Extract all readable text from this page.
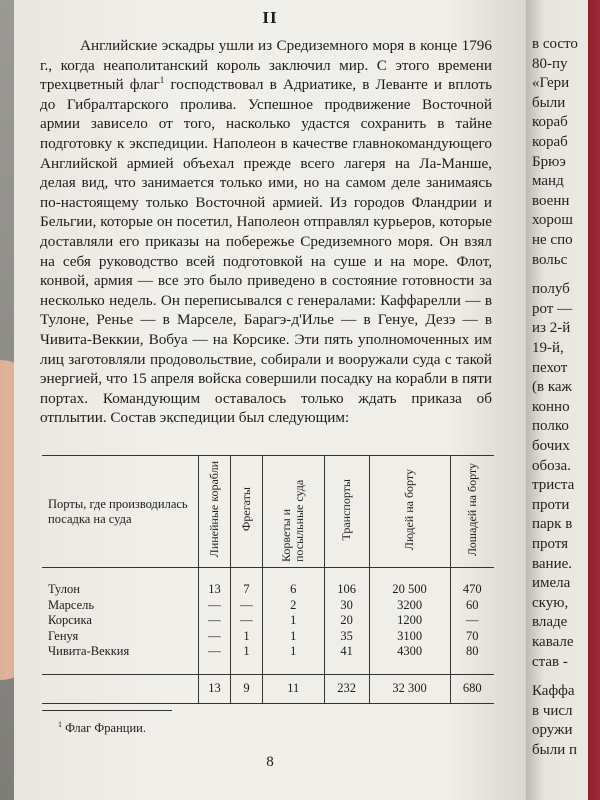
II

Английские эскадры ушли из Средиземного моря в конце 1796 г., когда неаполитанский король заключил мир. С этого времени трехцветный флаг$^1$ господствовал в Адриатике, в Леванте и вплоть до Гибралтарского пролива. Успешное продвижение Восточной армии зависело от того, насколько удастся сохранить в тайне подготовку к экспедиции. Наполеон в качестве главнокомандующего Английской армией объехал прежде всего лагеря на Ла-Манше, делая вид, что занимается только ими, но на самом деле занимаясь по-настоящему только Восточной армией. Из городов Фландрии и Бельгии, которые он посетил, Наполеон отправлял курьеров, которые доставляли его приказы на побережье Средиземного моря. Он взял на себя руководство всей подготовкой на суше и на море. Флот, конвой, армия — все это было приведено в состояние готовности за несколько недель. Он переписывался с генералами: Каффарелли — в Тулоне, Ренье — в Марселе, Барагэ-д'Илье — в Генуе, Дезэ — в Чивита-Веккии, Вобуа — на Корсике. Эти пять уполномоченных им лиц заготовляли продовольствие, собирали и вооружали суда с такой энергией, что 15 апреля войска совершили посадку на корабли в пяти портах. Командующим оставалось только ждать приказа об отплытии. Состав экспедиции был следующим:

Порты, где производилась посадка на суда	Линейные корабли	Фрегаты	Корветы и посыльные суда	Транспорты	Людей на борту	Лошадей на борту
Тулон	13	7	6	106	20 500	470
Марсель	—	—	2	30	3200	60
Корсика	—	—	1	20	1200	—
Генуя	—	1	1	35	3100	70
Чивита-Веккия	—	1	1	41	4300	80
	13	9	11	232	32 300	680
$^1$ Флаг Франции.
8
в состо
80-пу
«Гери
были
кораб
кораб
Брюэ
манд
военн
хорош
не спо
вольс
полуб
рот —
из 2-й
19-й,
пехот
(в каж
конно
полко
бочих
обоза.
триста
проти
парк в
протя
вание.
имела
скую,
владе
кавале
став -
Каффа
в числ
оружи
были п
